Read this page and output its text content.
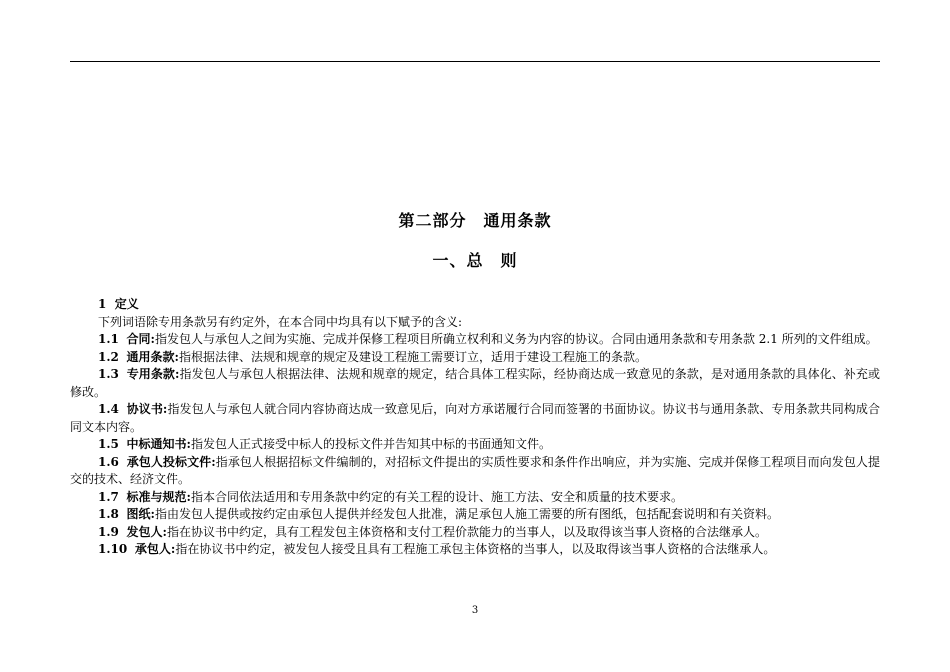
第二部分　通用条款
一、总　则

1 定义

下列词语除专用条款另有约定外，在本合同中均具有以下赋予的含义:

1.1 合同:指发包人与承包人之间为实施、完成并保修工程项目所确立权利和义务为内容的协议。合同由通用条款和专用条款 2.1 所列的文件组成。

1.2 通用条款:指根据法律、法规和规章的规定及建设工程施工需要订立，适用于建设工程施工的条款。

1.3 专用条款:指发包人与承包人根据法律、法规和规章的规定，结合具体工程实际，经协商达成一致意见的条款，是对通用条款的具体化、补充或修改。

1.4 协议书:指发包人与承包人就合同内容协商达成一致意见后，向对方承诺履行合同而签署的书面协议。协议书与通用条款、专用条款共同构成合同文本内容。

1.5 中标通知书:指发包人正式接受中标人的投标文件并告知其中标的书面通知文件。

1.6 承包人投标文件:指承包人根据招标文件编制的，对招标文件提出的实质性要求和条件作出响应，并为实施、完成并保修工程项目而向发包人提交的技术、经济文件。

1.7 标准与规范:指本合同依法适用和专用条款中约定的有关工程的设计、施工方法、安全和质量的技术要求。

1.8 图纸:指由发包人提供或按约定由承包人提供并经发包人批准，满足承包人施工需要的所有图纸，包括配套说明和有关资料。

1.9 发包人:指在协议书中约定，具有工程发包主体资格和支付工程价款能力的当事人，以及取得该当事人资格的合法继承人。

1.10 承包人:指在协议书中约定，被发包人接受且具有工程施工承包主体资格的当事人，以及取得该当事人资格的合法继承人。

3
